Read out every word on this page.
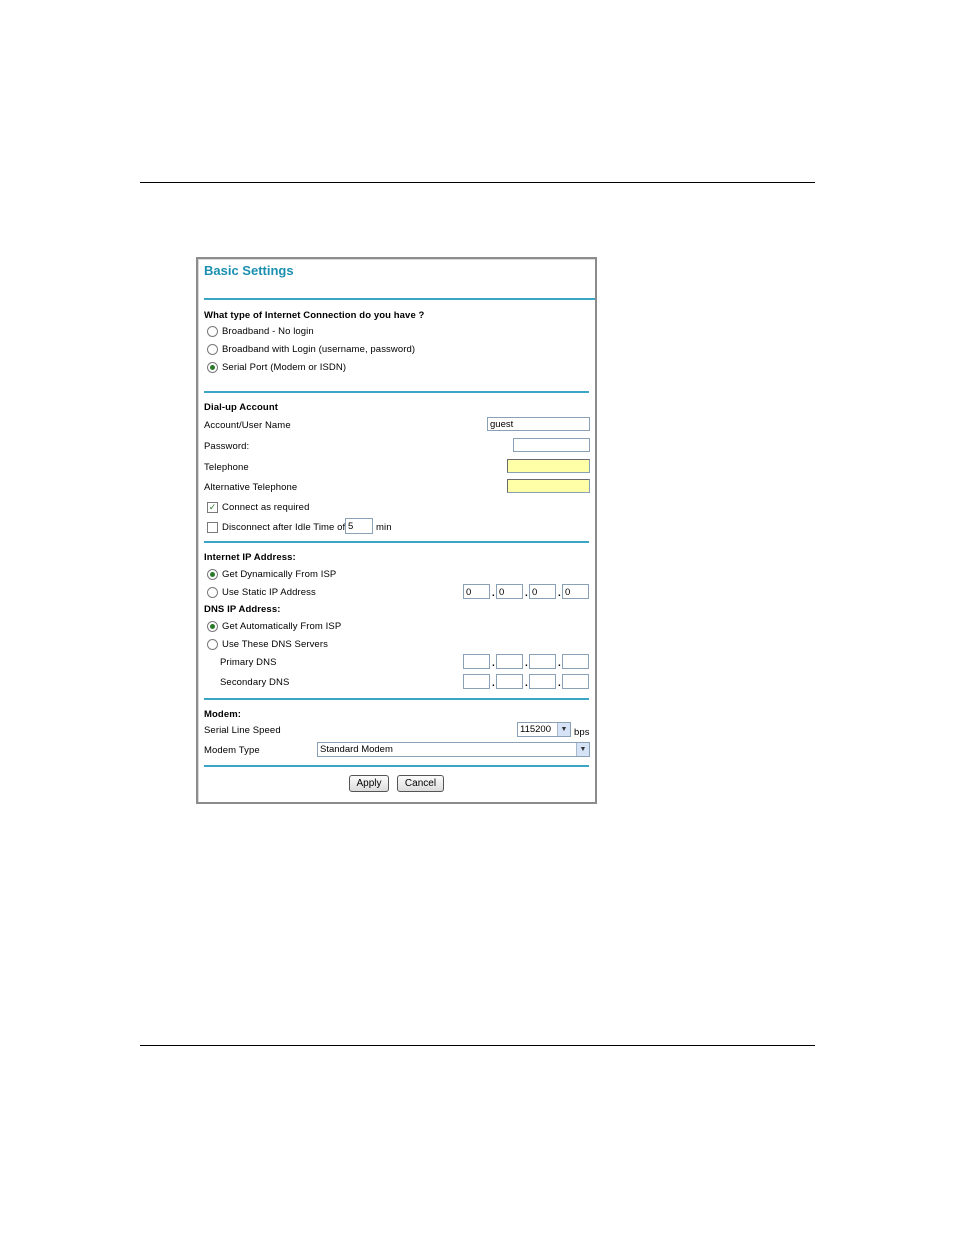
Basic Settings
What type of Internet Connection do you have ?
Broadband - No login
Broadband with Login (username, password)
Serial Port (Modem or ISDN)
Dial-up Account
Account/User Name	guest
Password:
Telephone
Alternative Telephone
✓ Connect as required
Disconnect after Idle Time of 5	min
Internet IP Address:
Get Dynamically From ISP
Use Static IP Address	0	. 0	. 0	. 0
DNS IP Address:
Get Automatically From ISP
Use These DNS Servers
Primary DNS	.	.	.
Secondary DNS	.	.	.
Modem:
Serial Line Speed	115200	▼ bps
Modem Type	Standard Modem	▼
Apply	Cancel
